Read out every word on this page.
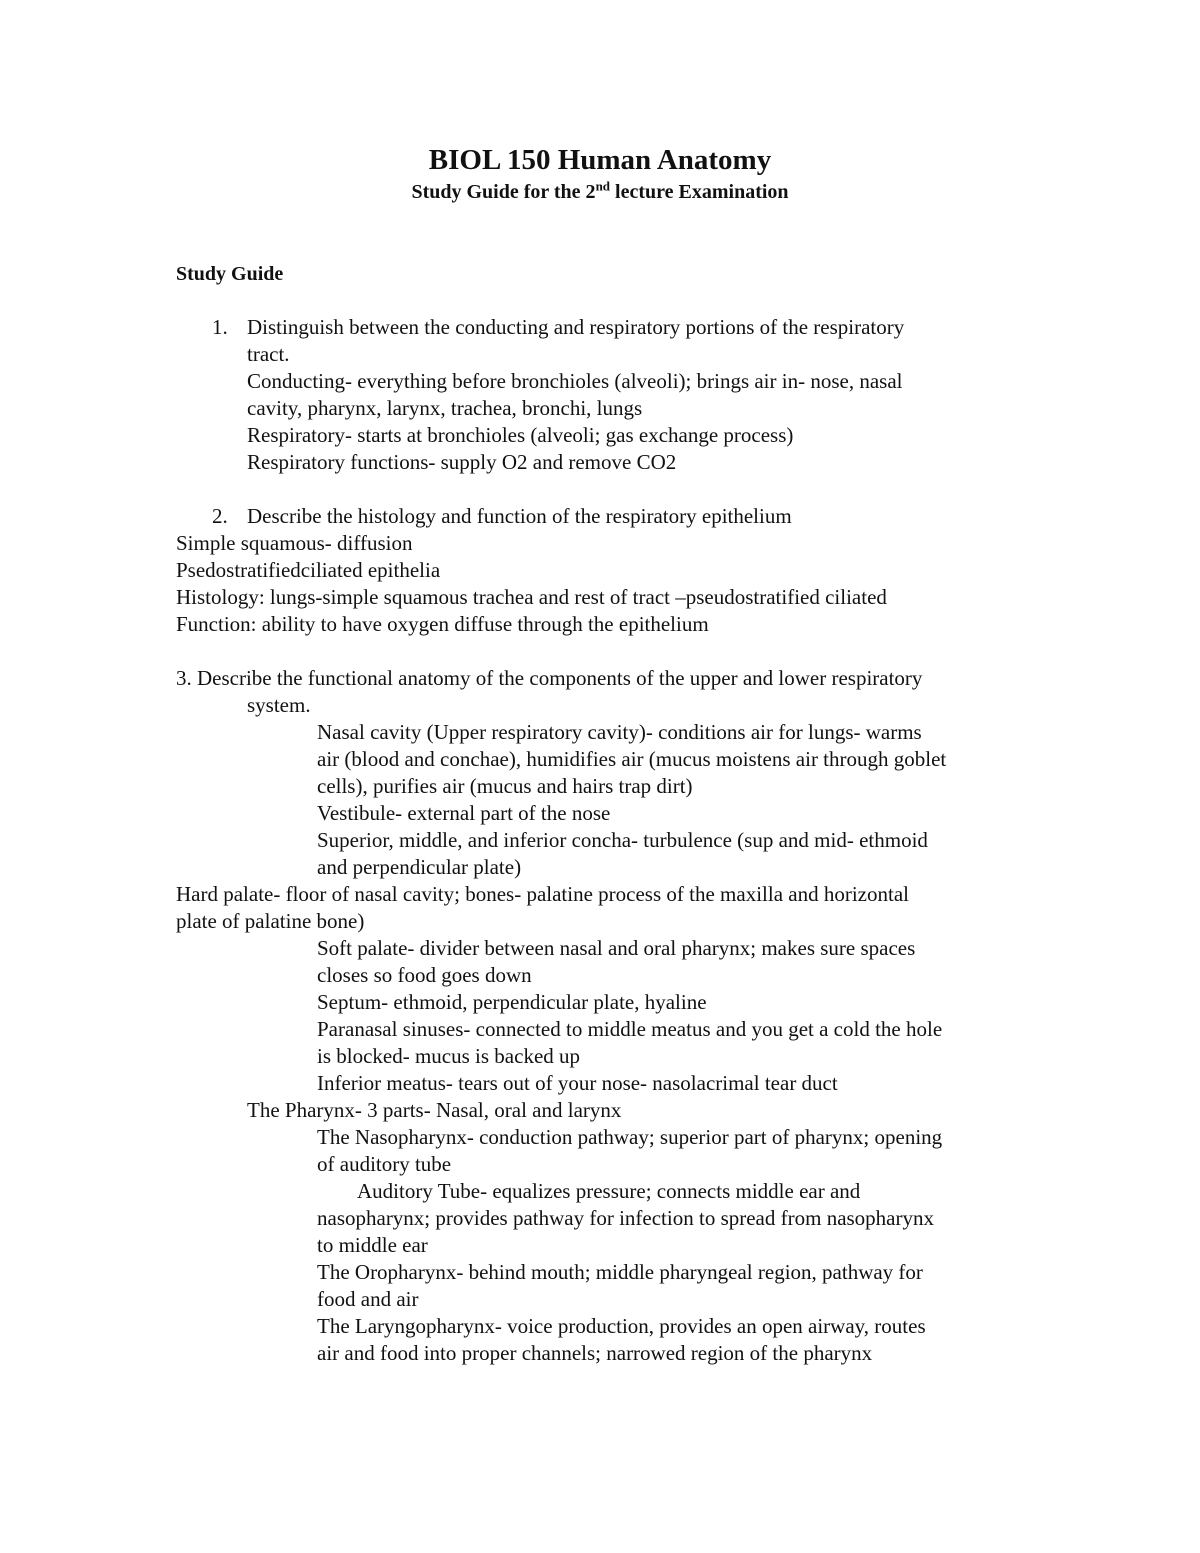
BIOL 150 Human Anatomy
Study Guide for the 2nd lecture Examination
Study Guide
1. Distinguish between the conducting and respiratory portions of the respiratory
tract.
Conducting- everything before bronchioles (alveoli); brings air in- nose, nasal
cavity, pharynx, larynx, trachea, bronchi, lungs
Respiratory- starts at bronchioles (alveoli; gas exchange process)
Respiratory functions- supply O2 and remove CO2
2. Describe the histology and function of the respiratory epithelium
Simple squamous- diffusion
Psedostratifiedciliated epithelia
Histology: lungs-simple squamous trachea and rest of tract –pseudostratified ciliated
Function: ability to have oxygen diffuse through the epithelium
3. Describe the functional anatomy of the components of the upper and lower respiratory
system.
Nasal cavity (Upper respiratory cavity)- conditions air for lungs- warms
air (blood and conchae), humidifies air (mucus moistens air through goblet
cells), purifies air (mucus and hairs trap dirt)
Vestibule- external part of the nose
Superior, middle, and inferior concha- turbulence (sup and mid- ethmoid
and perpendicular plate)
Hard palate- floor of nasal cavity; bones- palatine process of the maxilla and horizontal
plate of palatine bone)
Soft palate- divider between nasal and oral pharynx; makes sure spaces
closes so food goes down
Septum- ethmoid, perpendicular plate, hyaline
Paranasal sinuses- connected to middle meatus and you get a cold the hole
is blocked- mucus is backed up
Inferior meatus- tears out of your nose- nasolacrimal tear duct
The Pharynx- 3 parts- Nasal, oral and larynx
The Nasopharynx- conduction pathway; superior part of pharynx; opening
of auditory tube
Auditory Tube- equalizes pressure; connects middle ear and
nasopharynx; provides pathway for infection to spread from nasopharynx
to middle ear
The Oropharynx- behind mouth; middle pharyngeal region, pathway for
food and air
The Laryngopharynx- voice production, provides an open airway, routes
air and food into proper channels; narrowed region of the pharynx
